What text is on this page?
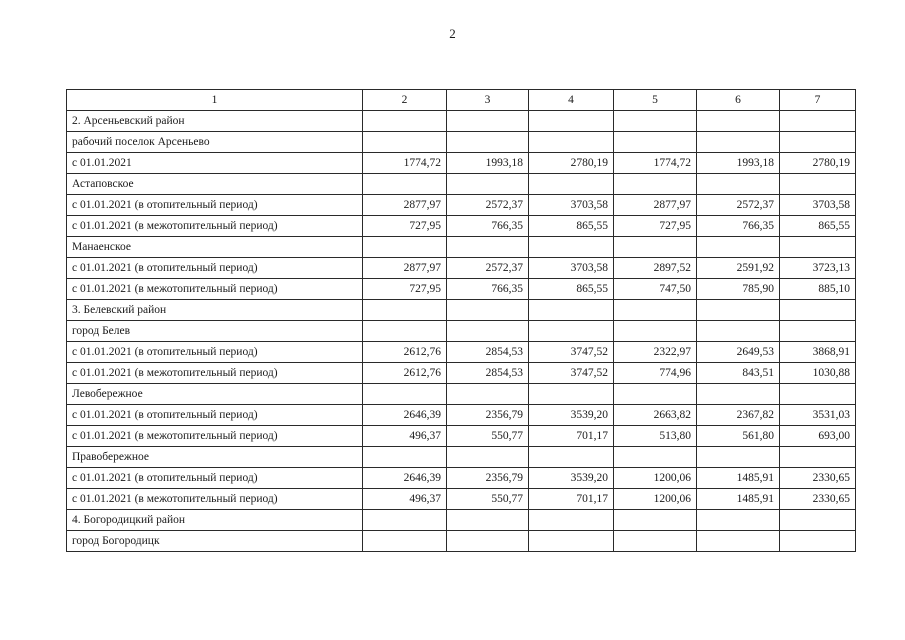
2
1	2	3	4	5	6	7
2. Арсеньевский район						
рабочий поселок Арсеньево						
с 01.01.2021	1774,72	1993,18	2780,19	1774,72	1993,18	2780,19
Астаповское						
с 01.01.2021 (в отопительный период)	2877,97	2572,37	3703,58	2877,97	2572,37	3703,58
с 01.01.2021 (в межотопительный период)	727,95	766,35	865,55	727,95	766,35	865,55
Манаенское						
с 01.01.2021 (в отопительный период)	2877,97	2572,37	3703,58	2897,52	2591,92	3723,13
с 01.01.2021 (в межотопительный период)	727,95	766,35	865,55	747,50	785,90	885,10
3. Белевский район						
город Белев						
с 01.01.2021 (в отопительный период)	2612,76	2854,53	3747,52	2322,97	2649,53	3868,91
с 01.01.2021 (в межотопительный период)	2612,76	2854,53	3747,52	774,96	843,51	1030,88
Левобережное						
с 01.01.2021 (в отопительный период)	2646,39	2356,79	3539,20	2663,82	2367,82	3531,03
с 01.01.2021 (в межотопительный период)	496,37	550,77	701,17	513,80	561,80	693,00
Правобережное						
с 01.01.2021 (в отопительный период)	2646,39	2356,79	3539,20	1200,06	1485,91	2330,65
с 01.01.2021 (в межотопительный период)	496,37	550,77	701,17	1200,06	1485,91	2330,65
4. Богородицкий район						
город Богородицк						
